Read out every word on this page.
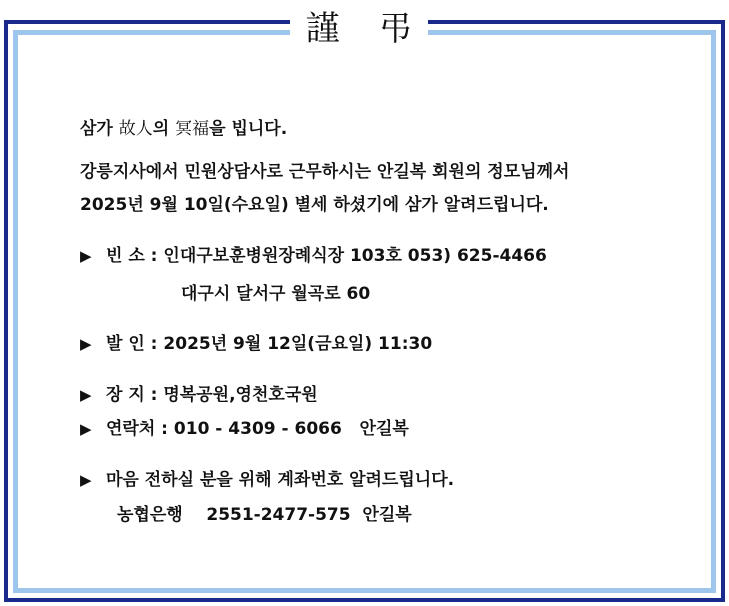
謹 弔
삼가 故人의 冥福을 빕니다.
강릉지사에서 민원상담사로 근무하시는 안길복 회원의 정모님께서
2025년 9월 10일(수요일) 별세 하셨기에 삼가 알려드립니다.
▶ 빈 소 : 인대구보훈병원장례식장 103호 053) 625-4466
대구시 달서구 월곡로 60
▶ 발 인 : 2025년 9월 12일(금요일) 11:30
▶ 장 지 : 명복공원,영천호국원
▶ 연락처 : 010 - 4309 - 6066   안길복
▶ 마음 전하실 분을 위해 계좌번호 알려드립니다.
농협은행    2551-2477-575  안길복
